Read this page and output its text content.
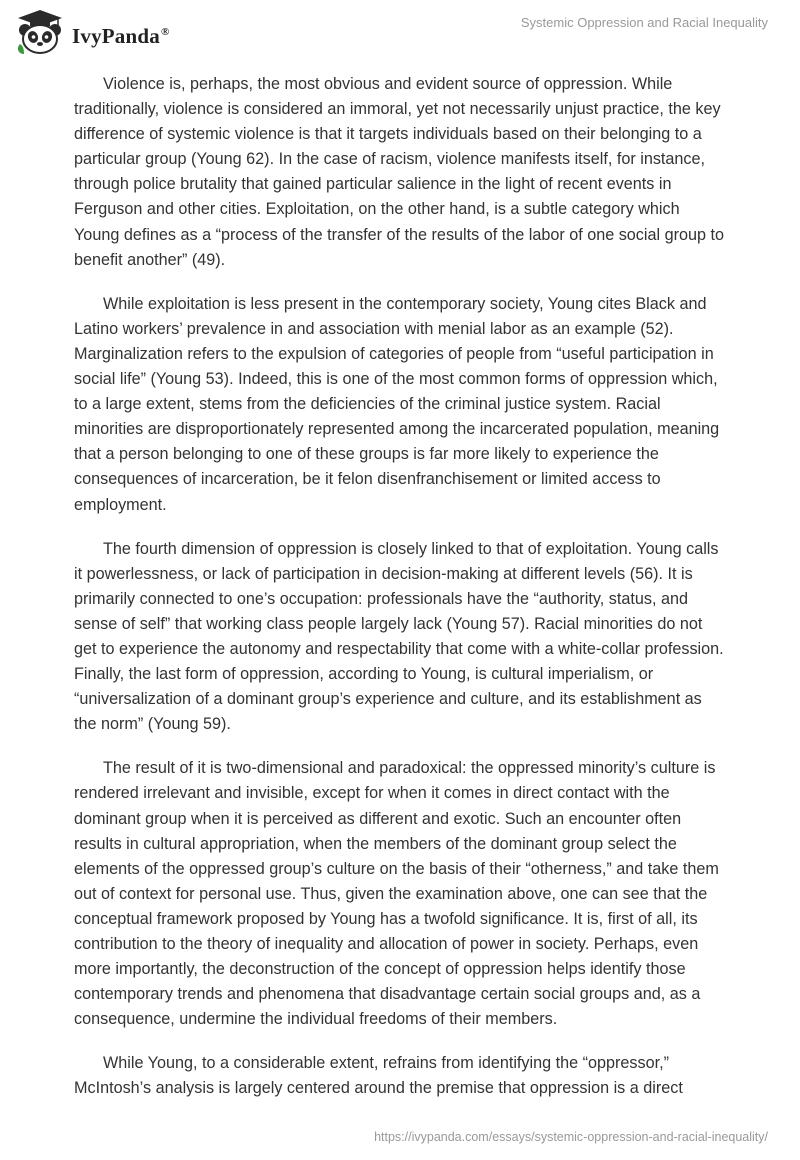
IvyPanda®
Systemic Oppression and Racial Inequality

Violence is, perhaps, the most obvious and evident source of oppression. While traditionally, violence is considered an immoral, yet not necessarily unjust practice, the key difference of systemic violence is that it targets individuals based on their belonging to a particular group (Young 62). In the case of racism, violence manifests itself, for instance, through police brutality that gained particular salience in the light of recent events in Ferguson and other cities. Exploitation, on the other hand, is a subtle category which Young defines as a “process of the transfer of the results of the labor of one social group to benefit another” (49).

While exploitation is less present in the contemporary society, Young cites Black and Latino workers’ prevalence in and association with menial labor as an example (52). Marginalization refers to the expulsion of categories of people from “useful participation in social life” (Young 53). Indeed, this is one of the most common forms of oppression which, to a large extent, stems from the deficiencies of the criminal justice system. Racial minorities are disproportionately represented among the incarcerated population, meaning that a person belonging to one of these groups is far more likely to experience the consequences of incarceration, be it felon disenfranchisement or limited access to employment.

The fourth dimension of oppression is closely linked to that of exploitation. Young calls it powerlessness, or lack of participation in decision-making at different levels (56). It is primarily connected to one’s occupation: professionals have the “authority, status, and sense of self” that working class people largely lack (Young 57). Racial minorities do not get to experience the autonomy and respectability that come with a white-collar profession. Finally, the last form of oppression, according to Young, is cultural imperialism, or “universalization of a dominant group’s experience and culture, and its establishment as the norm” (Young 59).

The result of it is two-dimensional and paradoxical: the oppressed minority’s culture is rendered irrelevant and invisible, except for when it comes in direct contact with the dominant group when it is perceived as different and exotic. Such an encounter often results in cultural appropriation, when the members of the dominant group select the elements of the oppressed group’s culture on the basis of their “otherness,” and take them out of context for personal use. Thus, given the examination above, one can see that the conceptual framework proposed by Young has a twofold significance. It is, first of all, its contribution to the theory of inequality and allocation of power in society. Perhaps, even more importantly, the deconstruction of the concept of oppression helps identify those contemporary trends and phenomena that disadvantage certain social groups and, as a consequence, undermine the individual freedoms of their members.

While Young, to a considerable extent, refrains from identifying the “oppressor,” McIntosh’s analysis is largely centered around the premise that oppression is a direct

https://ivypanda.com/essays/systemic-oppression-and-racial-inequality/
